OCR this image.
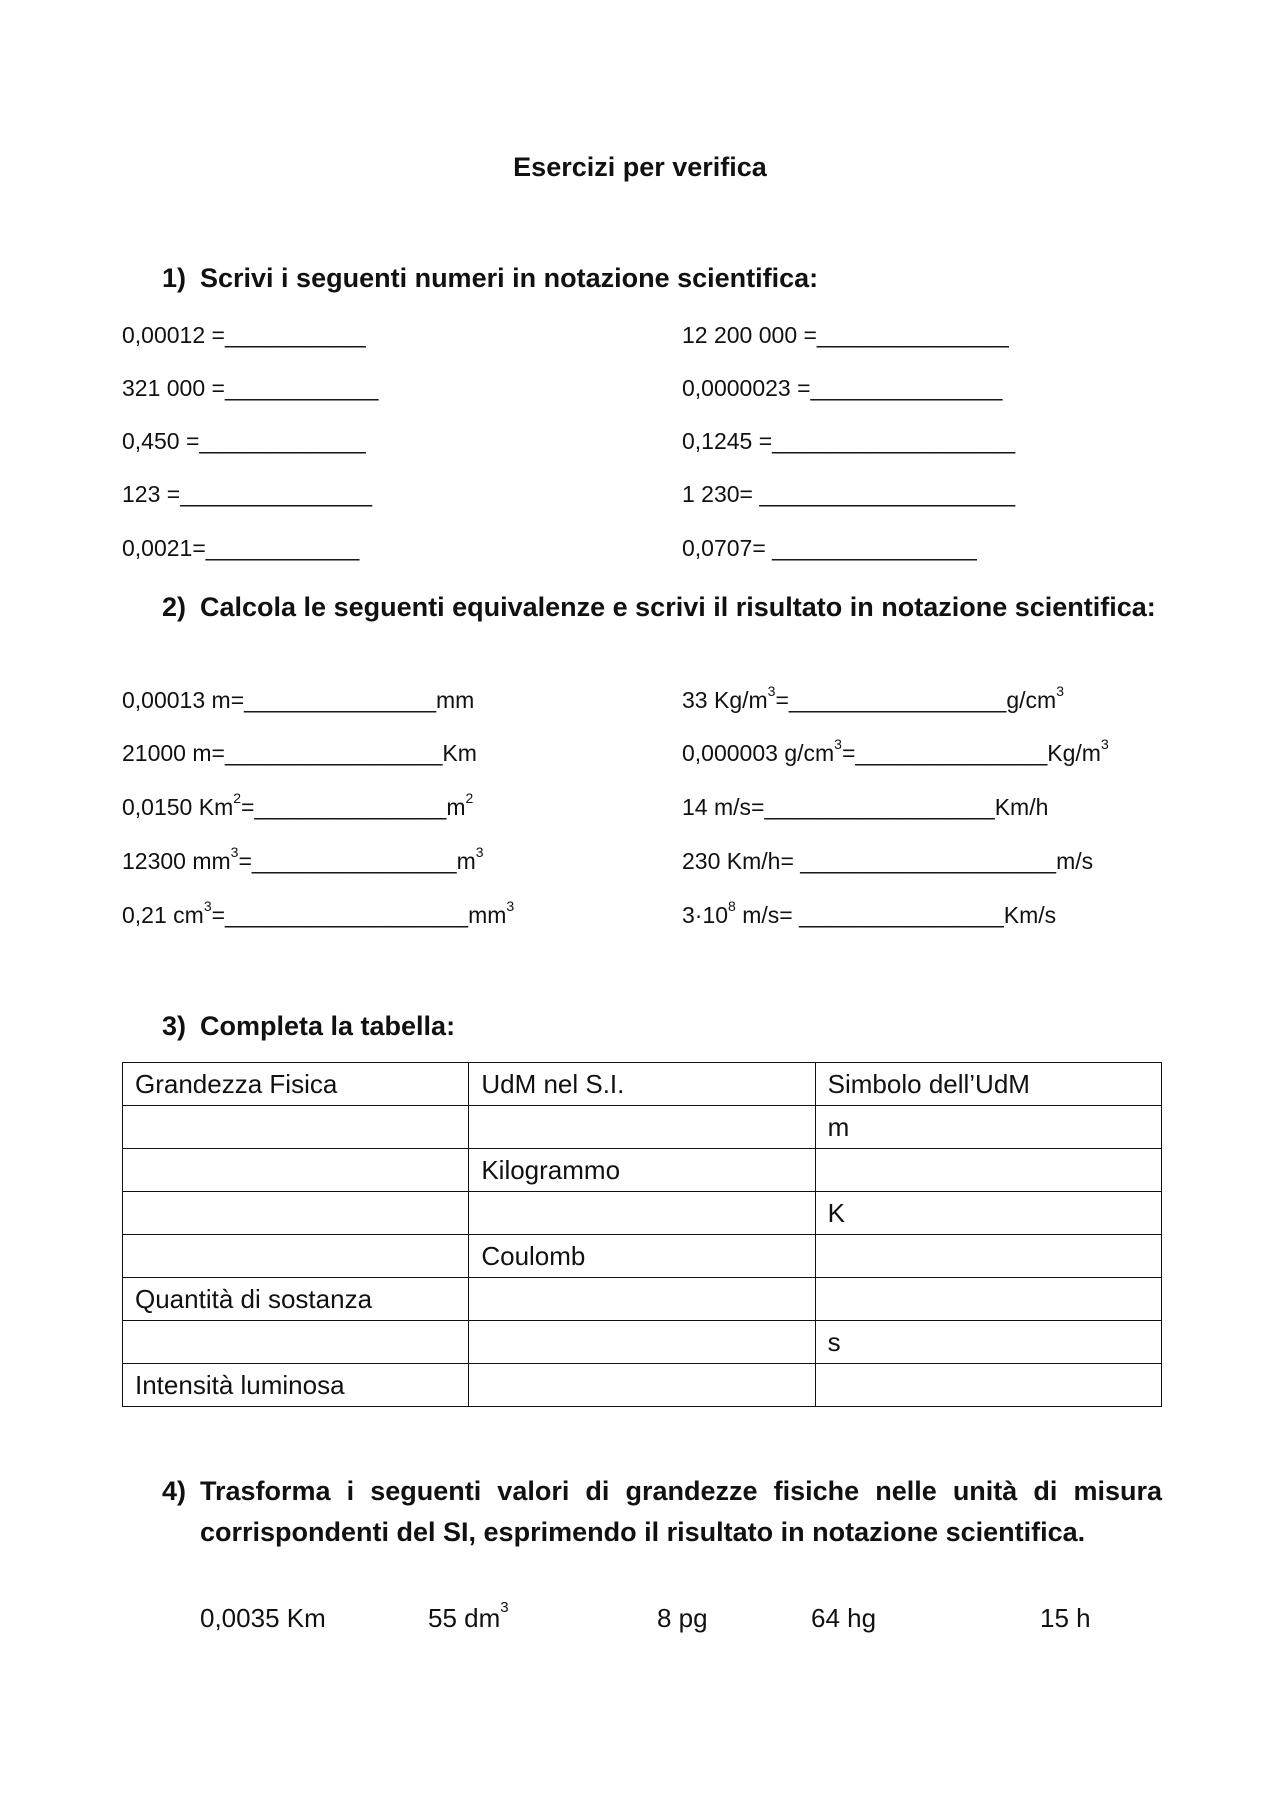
Esercizi per verifica
1) Scrivi i seguenti numeri in notazione scientifica:
0,00012 =___________
321 000 =____________
0,450 =_____________
123 =_______________
0,0021=____________
12 200 000 =_______________
0,0000023 =_______________
0,1245 =___________________
1 230= ____________________
0,0707= ________________
2) Calcola le seguenti equivalenze e scrivi il risultato in notazione scientifica:
0,00013 m=_______________mm
21000 m=_________________Km
0,0150 $Km^2=\_\_\_\_\_\_\_\_\_\_\_\_\_\_\_m^2$
12300 $mm^3=\_\_\_\_\_\_\_\_\_\_\_\_\_\_\_\_m^3$
0,21 $cm^3=\_\_\_\_\_\_\_\_\_\_\_\_\_\_\_\_\_\_\_mm^3$
33 $Kg/m^3=\_\_\_\_\_\_\_\_\_\_\_\_\_\_\_\_\_g/cm^3$
0,000003 $g/cm^3=\_\_\_\_\_\_\_\_\_\_\_\_\_\_\_Kg/m^3$
14 m/s=__________________Km/h
230 Km/h= ____________________m/s
$3\cdot 10^8$ m/s= ________________Km/s
3) Completa la tabella:
Grandezza Fisica	UdM nel S.I.	Simbolo dell’UdM
		m
	Kilogrammo	
		K
	Coulomb	
Quantità di sostanza		
		s
Intensità luminosa		
4) Trasforma i seguenti valori di grandezze fisiche nelle unità di misura corrispondenti del SI, esprimendo il risultato in notazione scientifica.
0,0035 Km	55 $dm^3$	8 pg	64 hg	15 h
